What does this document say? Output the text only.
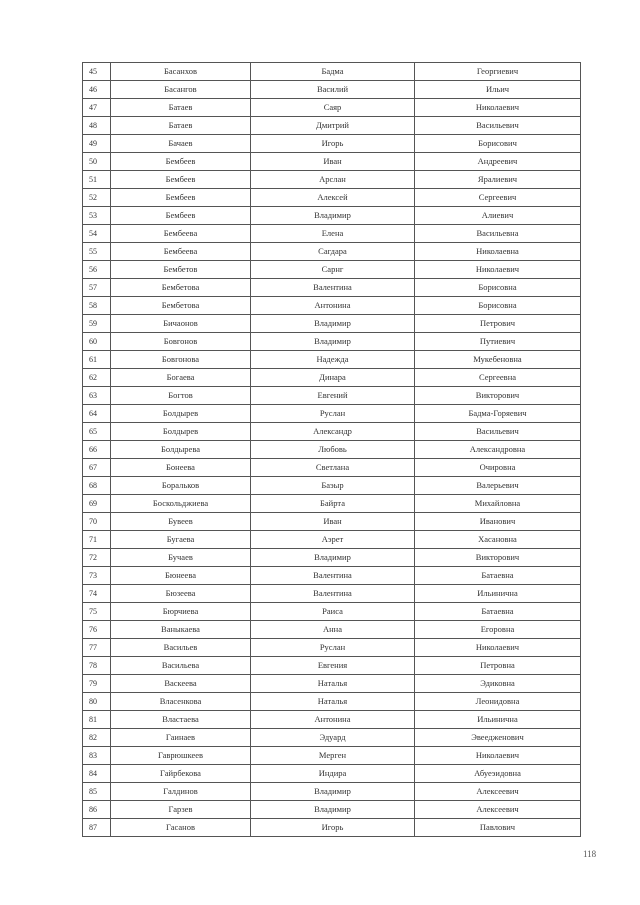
45	Басанхов	Бадма	Георгиевич
46	Басангов	Василий	Ильич
47	Батаев	Саяр	Николаевич
48	Батаев	Дмитрий	Васильевич
49	Бачаев	Игорь	Борисович
50	Бембеев	Иван	Андреевич
51	Бембеев	Арслан	Яралиевич
52	Бембеев	Алексей	Сергеевич
53	Бембеев	Владимир	Алиевич
54	Бембеева	Елена	Васильевна
55	Бембеева	Сагдара	Николаевна
56	Бембетов	Сарнг	Николаевич
57	Бембетова	Валентина	Борисовна
58	Бембетова	Антонина	Борисовна
59	Бичаонов	Владимир	Петрович
60	Бовгонов	Владимир	Путиевич
61	Бовгонова	Надежда	Мукебеновна
62	Богаева	Динара	Сергеевна
63	Богтов	Евгений	Викторович
64	Болдырев	Руслан	Бадма-Горяевич
65	Болдырев	Александр	Васильевич
66	Болдырева	Любовь	Александровна
67	Бонеева	Светлана	Очировна
68	Боральков	Баэыр	Валерьевич
69	Боскольджиева	Байрта	Михайловна
70	Бувеев	Иван	Иванович
71	Бугаева	Аэрет	Хасановна
72	Бучаев	Владимир	Викторович
73	Бюнеева	Валентина	Батаевна
74	Бюзеева	Валентина	Ильиничнa
75	Бюрчиева	Раиса	Батаевна
76	Ваныкаева	Анна	Егоровна
77	Васильев	Руслан	Николаевич
78	Васильева	Евгения	Петровна
79	Васкеева	Наталья	Эдиковна
80	Власенкова	Наталья	Леонидовна
81	Властаева	Антонина	Ильиничнa
82	Гаинаев	Эдуард	Эвеедженович
83	Гаврюшкеев	Мерген	Николаевич
84	Гайрбекова	Индира	Абуеэидовна
85	Галдинов	Владимир	Алексеевич
86	Гарзев	Владимир	Алексеевич
87	Гасанов	Игорь	Павлович
118
